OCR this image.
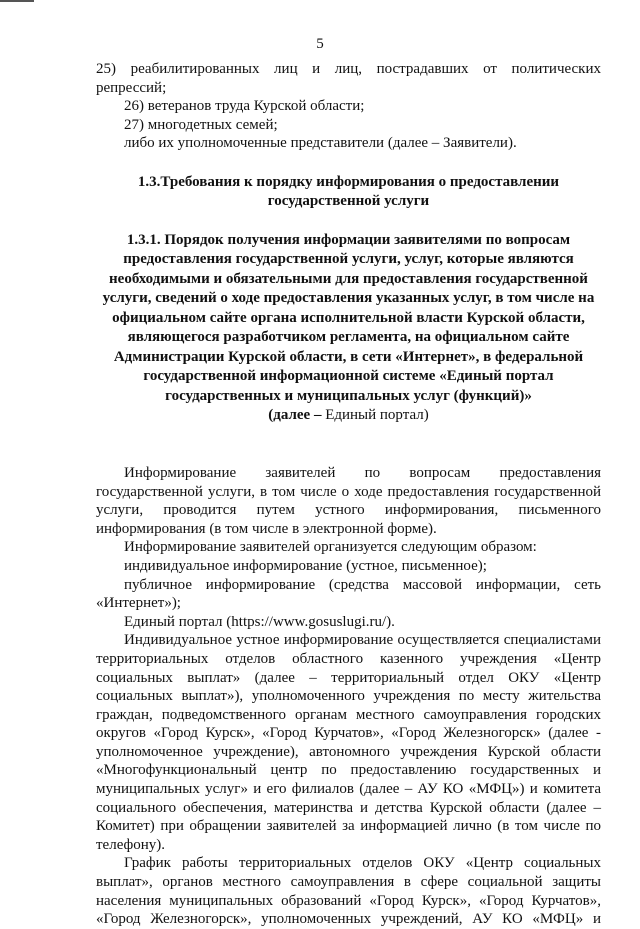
5
25) реабилитированных лиц и лиц, пострадавших от политических
репрессий;
26) ветеранов труда Курской области;
27) многодетных семей;
либо их уполномоченные представители (далее – Заявители).
1.3.Требования к порядку информирования о предоставлении
государственной услуги
1.3.1. Порядок получения информации заявителями по вопросам
предоставления государственной услуги, услуг, которые являются
необходимыми и обязательными для предоставления государственной
услуги, сведений о ходе предоставления указанных услуг, в том числе на
официальном сайте органа исполнительной власти Курской области,
являющегося разработчиком регламента, на официальном сайте
Администрации Курской области, в сети «Интернет», в федеральной
государственной информационной системе «Единый портал
государственных и муниципальных услуг (функций)»
(далее – Единый портал)
Информирование заявителей по вопросам предоставления государственной услуги, в том числе о ходе предоставления государственной услуги, проводится путем устного информирования, письменного информирования (в том числе в электронной форме).
Информирование заявителей организуется следующим образом:
индивидуальное информирование (устное, письменное);
публичное информирование (средства массовой информации, сеть «Интернет»);
Единый портал (https://www.gosuslugi.ru/).
Индивидуальное устное информирование осуществляется специалистами территориальных отделов областного казенного учреждения «Центр социальных выплат» (далее – территориальный отдел ОКУ «Центр социальных выплат»), уполномоченного учреждения по месту жительства граждан, подведомственного органам местного самоуправления городских округов «Город Курск», «Город Курчатов», «Город Железногорск» (далее - уполномоченное учреждение), автономного учреждения Курской области «Многофункциональный центр по предоставлению государственных и муниципальных услуг» и его филиалов (далее – АУ КО «МФЦ») и комитета социального обеспечения, материнства и детства Курской области (далее – Комитет) при обращении заявителей за информацией лично (в том числе по телефону).
График работы территориальных отделов ОКУ «Центр социальных выплат», органов местного самоуправления в сфере социальной защиты населения муниципальных образований «Город Курск», «Город Курчатов», «Город Железногорск», уполномоченных учреждений, АУ КО «МФЦ» и
